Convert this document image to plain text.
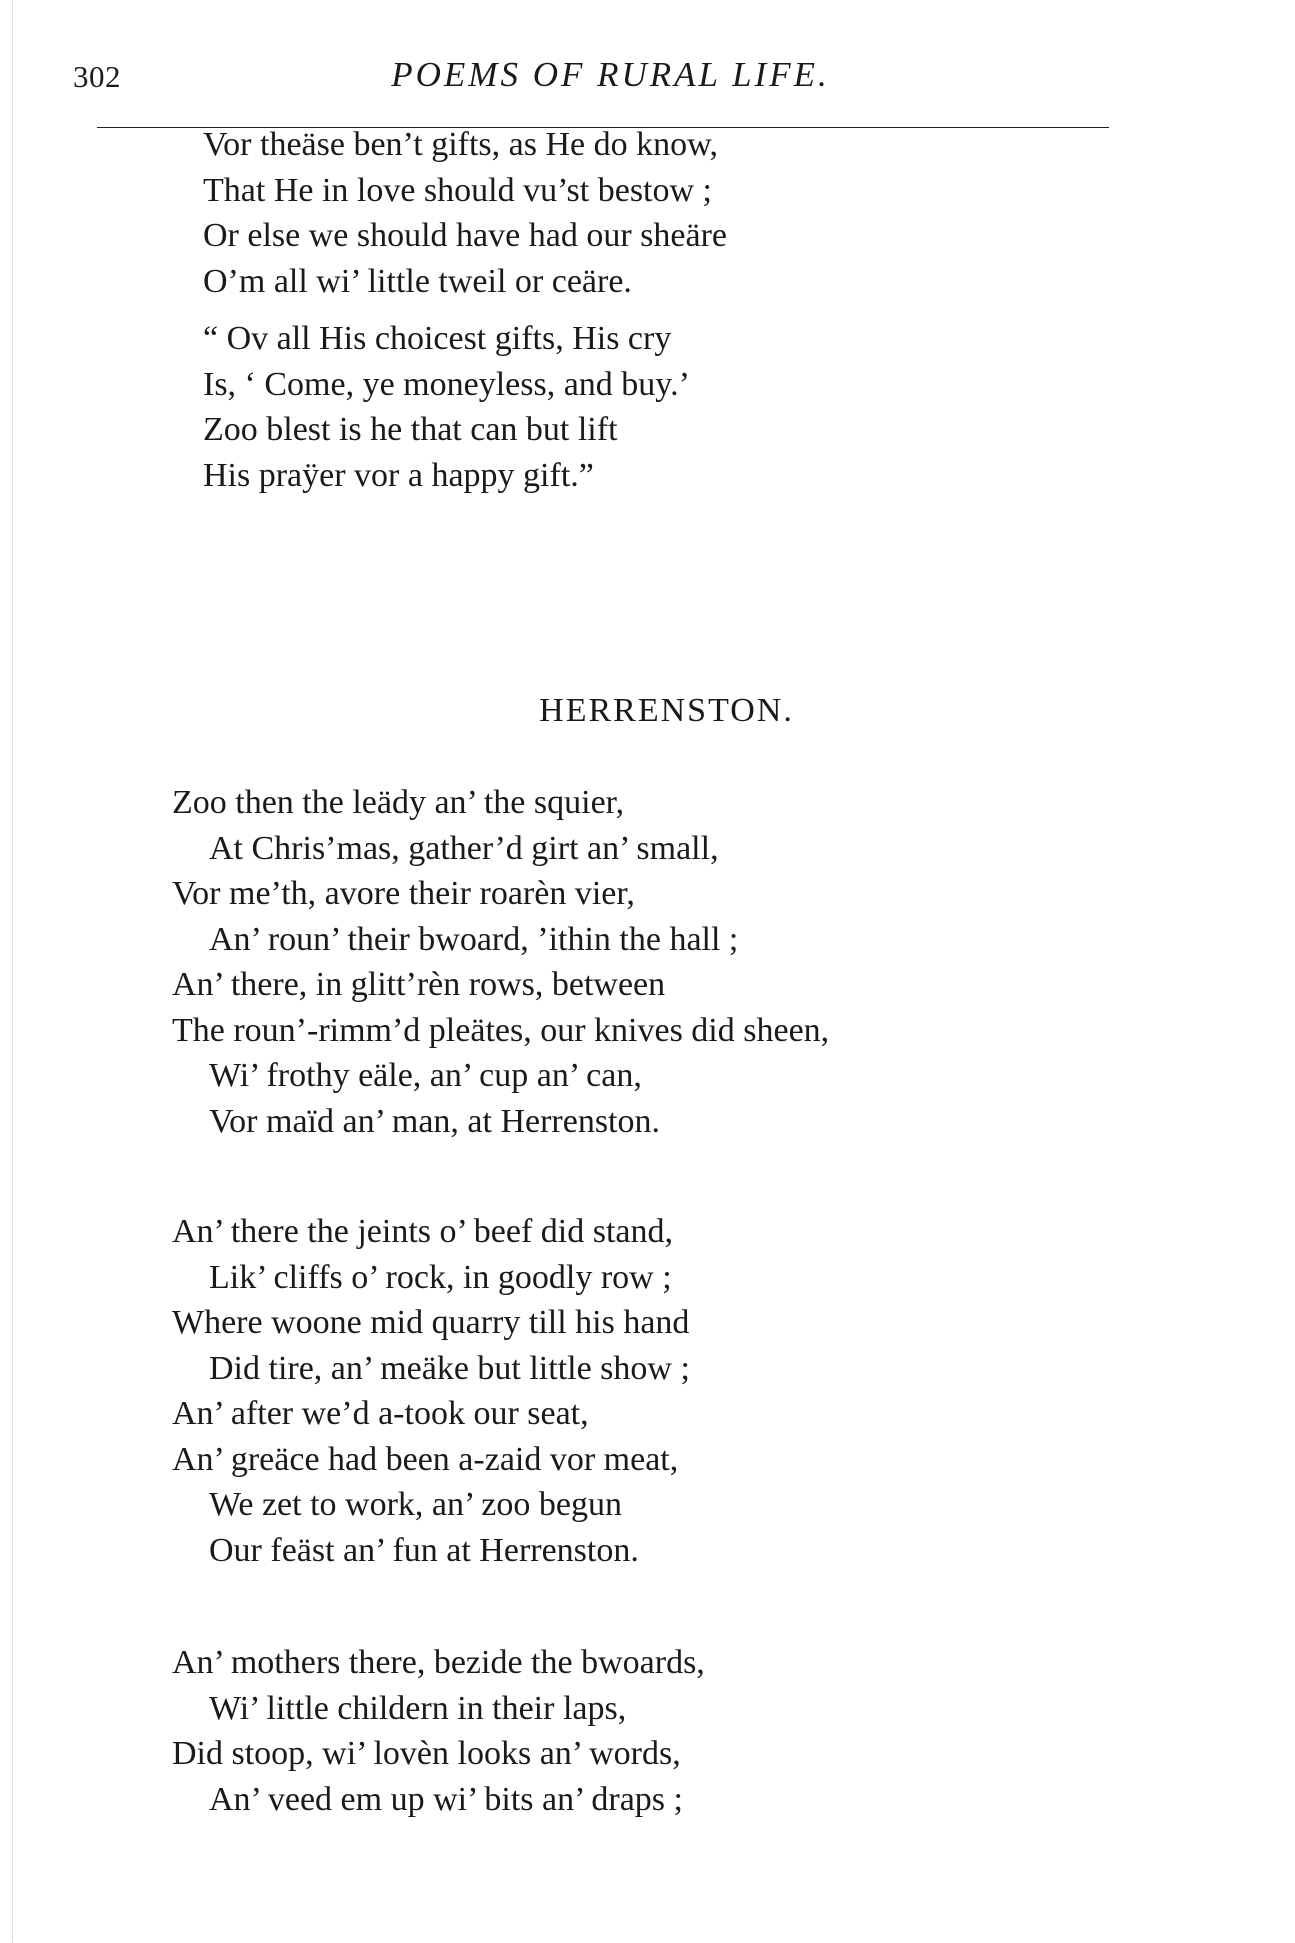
302	POEMS OF RURAL LIFE.
Vor theäse ben’t gifts, as He do know,
That He in love should vu’st bestow ;
Or else we should have had our sheäre
O’m all wi’ little tweil or ceäre.
“ Ov all His choicest gifts, His cry
Is, ‘ Come, ye moneyless, and buy.’
Zoo blest is he that can but lift
His praÿer vor a happy gift.”
HERRENSTON.
Zoo then the leädy an’ the squier,
At Chris’mas, gather’d girt an’ small,
Vor me’th, avore their roarèn vier,
An’ roun’ their bwoard, ’ithin the hall ;
An’ there, in glitt’rèn rows, between
The roun’-rimm’d pleätes, our knives did sheen,
Wi’ frothy eäle, an’ cup an’ can,
Vor maïd an’ man, at Herrenston.
An’ there the jeints o’ beef did stand,
Lik’ cliffs o’ rock, in goodly row ;
Where woone mid quarry till his hand
Did tire, an’ meäke but little show ;
An’ after we’d a-took our seat,
An’ greäce had been a-zaid vor meat,
We zet to work, an’ zoo begun
Our feäst an’ fun at Herrenston.
An’ mothers there, bezide the bwoards,
Wi’ little childern in their laps,
Did stoop, wi’ lovèn looks an’ words,
An’ veed em up wi’ bits an’ draps ;
